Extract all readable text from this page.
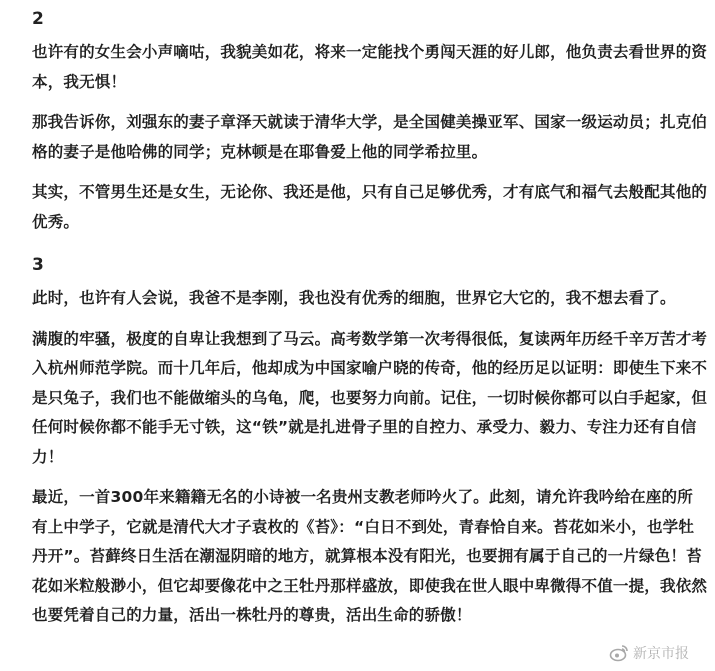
2

也许有的女生会小声嘀咕，我貌美如花，将来一定能找个勇闯天涯的好儿郎，他负责去看世界的资本，我无惧！

那我告诉你，刘强东的妻子章泽天就读于清华大学，是全国健美操亚军、国家一级运动员；扎克伯格的妻子是他哈佛的同学；克林顿是在耶鲁爱上他的同学希拉里。

其实，不管男生还是女生，无论你、我还是他，只有自己足够优秀，才有底气和福气去般配其他的优秀。

3

此时，也许有人会说，我爸不是李刚，我也没有优秀的细胞，世界它大它的，我不想去看了。

满腹的牢骚，极度的自卑让我想到了马云。高考数学第一次考得很低，复读两年历经千辛万苦才考入杭州师范学院。而十几年后，他却成为中国家喻户晓的传奇，他的经历足以证明：即使生下来不是只兔子，我们也不能做缩头的乌龟，爬，也要努力向前。记住，一切时候你都可以白手起家，但任何时候你都不能手无寸铁，这“铁”就是扎进骨子里的自控力、承受力、毅力、专注力还有自信力！

最近，一首300年来籍籍无名的小诗被一名贵州支教老师吟火了。此刻，请允许我吟给在座的所有上中学子，它就是清代大才子袁枚的《苔》：“白日不到处，青春恰自来。苔花如米小，也学牡丹开”。苔藓终日生活在潮湿阴暗的地方，就算根本没有阳光，也要拥有属于自己的一片绿色！苔花如米粒般渺小，但它却要像花中之王牡丹那样盛放，即使我在世人眼中卑微得不值一提，我依然也要凭着自己的力量，活出一株牡丹的尊贵，活出生命的骄傲！

新京市报
